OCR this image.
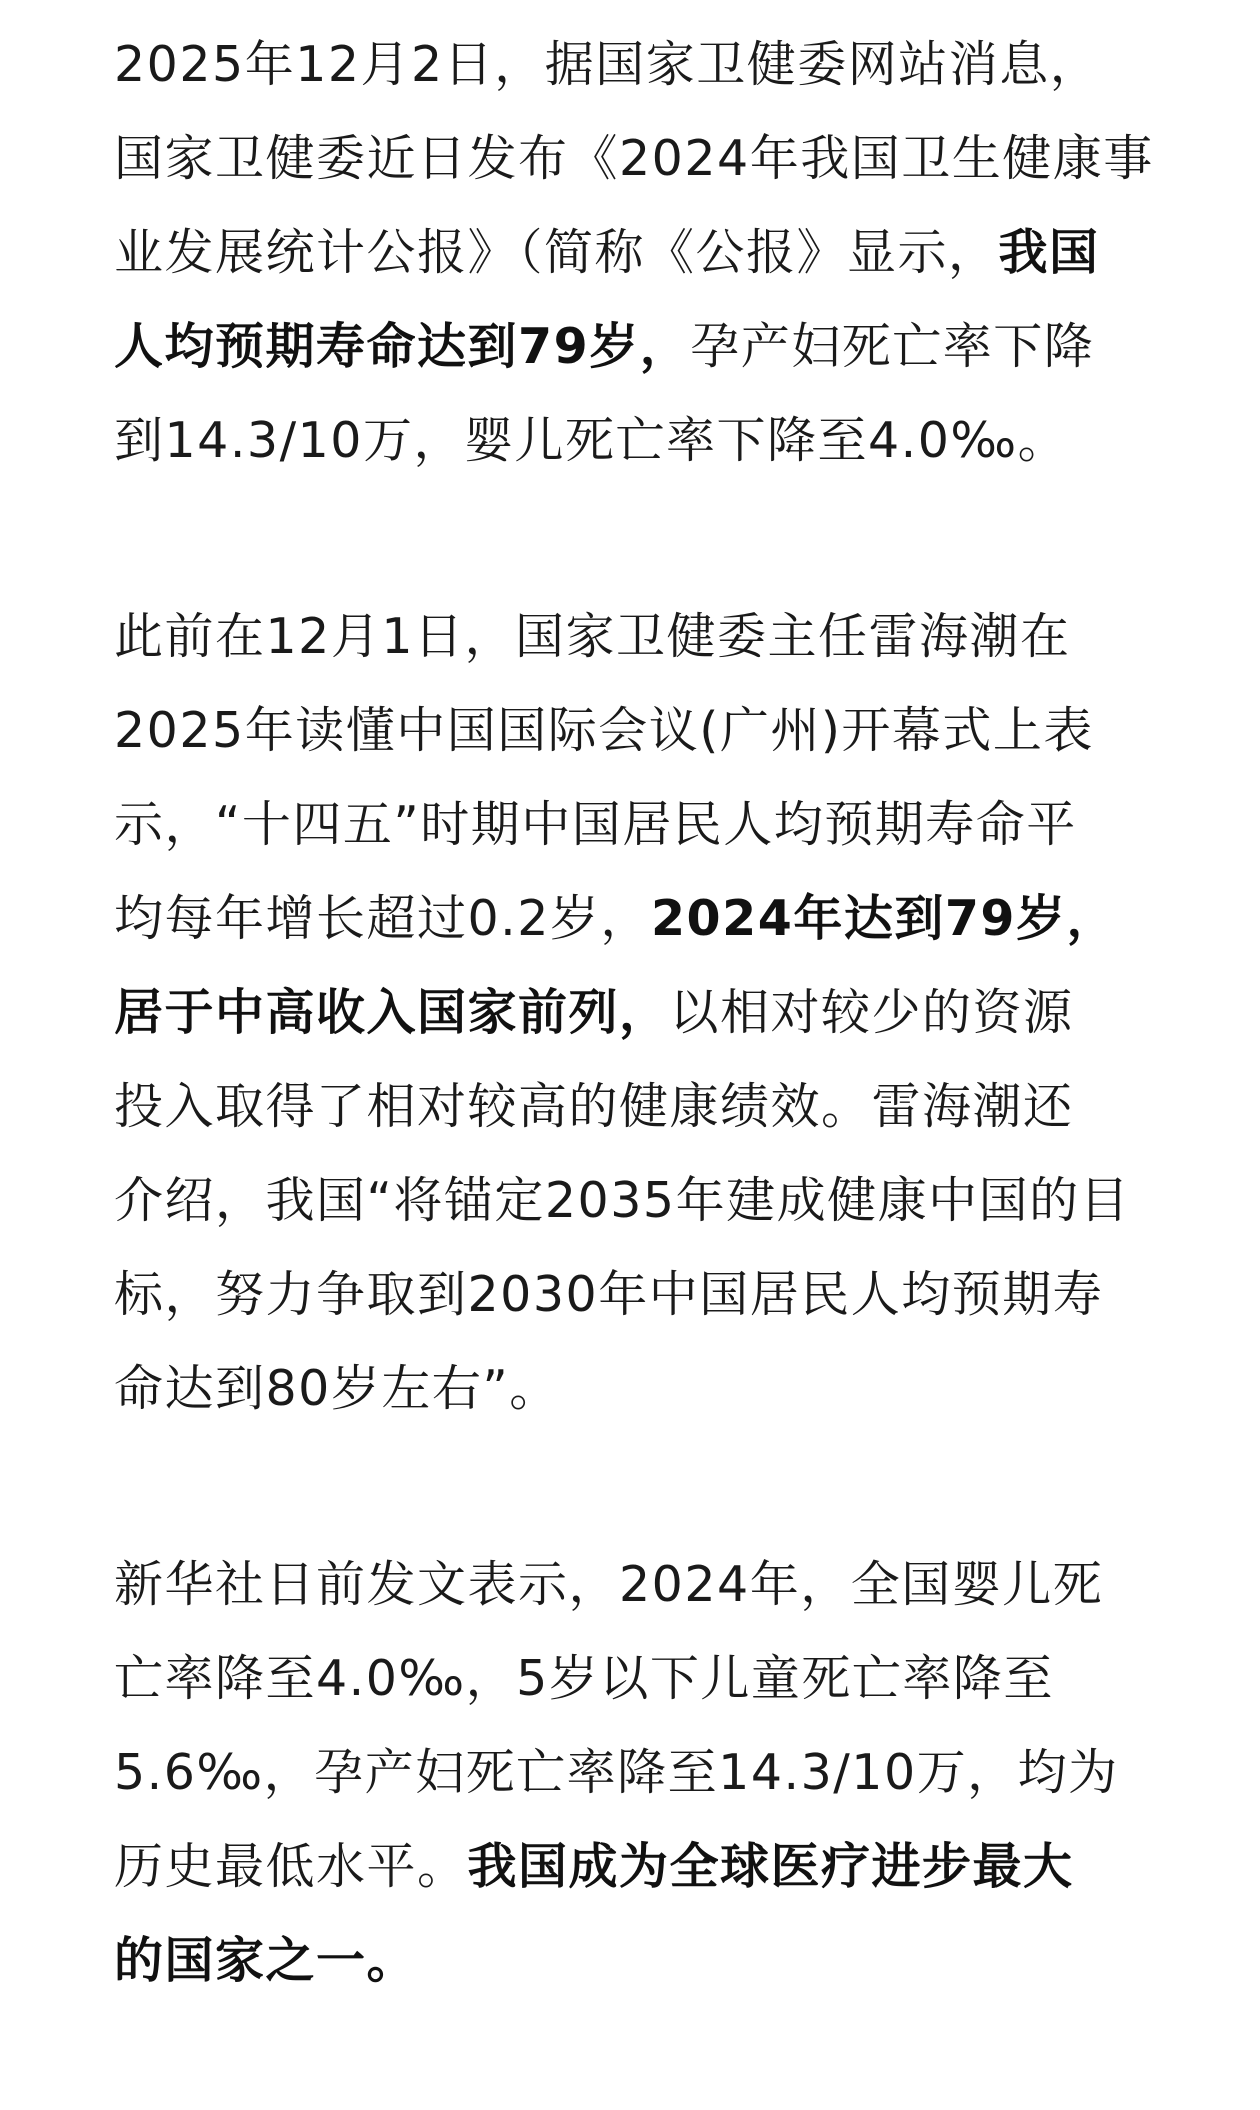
2025年12月2日，据国家卫健委网站消息，
国家卫健委近日发布《2024年我国卫生健康事
业发展统计公报》（简称《公报》显示，我国
人均预期寿命达到79岁，孕产妇死亡率下降
到14.3/10万，婴儿死亡率下降至4.0‰。
此前在12月1日，国家卫健委主任雷海潮在
2025年读懂中国国际会议(广州)开幕式上表
示，“十四五”时期中国居民人均预期寿命平
均每年增长超过0.2岁，2024年达到79岁，
居于中高收入国家前列，以相对较少的资源
投入取得了相对较高的健康绩效。雷海潮还
介绍，我国“将锚定2035年建成健康中国的目
标，努力争取到2030年中国居民人均预期寿
命达到80岁左右”。
新华社日前发文表示，2024年，全国婴儿死
亡率降至4.0‰，5岁以下儿童死亡率降至
5.6‰，孕产妇死亡率降至14.3/10万，均为
历史最低水平。我国成为全球医疗进步最大
的国家之一。
